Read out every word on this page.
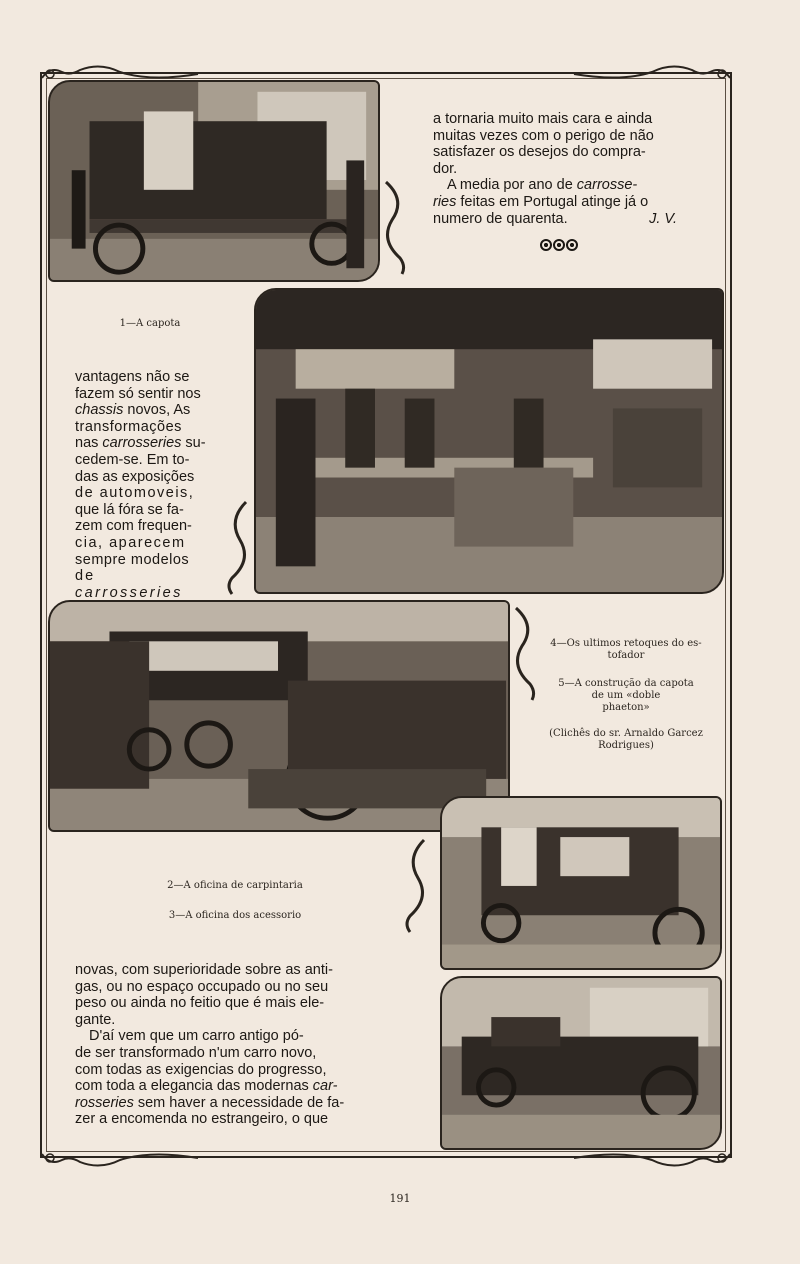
a tornaria muito mais cara e ainda

muitas vezes com o perigo de não

satisfazer os desejos do compra-

dor.

A media por ano de carrosse-

ries feitas em Portugal atinge já o

numero de quarenta.	J. V.

1—A capota

vantagens não se

fazem só sentir nos

chassis novos, As

transformações

nas carrosseries su-

cedem-se. Em to-

das as exposições

de automoveis,

que lá fóra se fa-

zem com frequen-

cia, aparecem

sempre modelos

de carrosseries

4—Os ultimos retoques do es-
tofador
5—A construção da capota
de um «doble
phaeton»
(Clichês do sr. Arnaldo Garcez
Rodrigues)
2—A oficina de carpintaria
3—A oficina dos acessorio

novas, com superioridade sobre as anti-

gas, ou no espaço occupado ou no seu

peso ou ainda no feitio que é mais ele-

gante.

D'aí vem que um carro antigo pó-

de ser transformado n'um carro novo,

com todas as exigencias do progresso,

com toda a elegancia das modernas car-

rosseries sem haver a necessidade de fa-

zer a encomenda no estrangeiro, o que

191
